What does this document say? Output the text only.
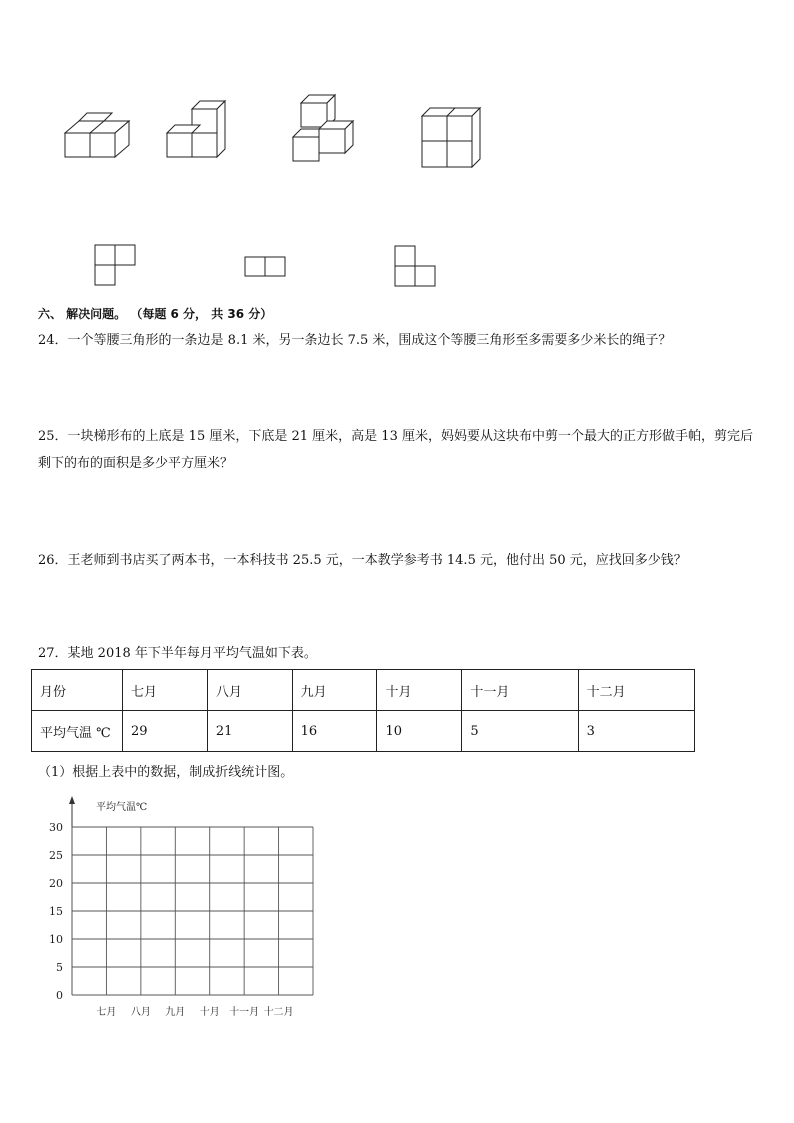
六、 解决问题。 （每题 6 分， 共 36 分）
24．一个等腰三角形的一条边是 8.1 米，另一条边长 7.5 米，围成这个等腰三角形至多需要多少米长的绳子？
25．一块梯形布的上底是 15 厘米，下底是 21 厘米，高是 13 厘米，妈妈要从这块布中剪一个最大的正方形做手帕，剪完后剩下的布的面积是多少平方厘米？
26．王老师到书店买了两本书，一本科技书 25.5 元，一本教学参考书 14.5 元，他付出 50 元，应找回多少钱？
27．某地 2018 年下半年每月平均气温如下表。
月份	七月	八月	九月	十月	十一月	十二月
平均气温 ℃	29	21	16	10	5	3
（1）根据上表中的数据，制成折线统计图。
平均气温℃
30
25
20
15
10
5
0
七月 八月 九月 十月 十一月 十二月
